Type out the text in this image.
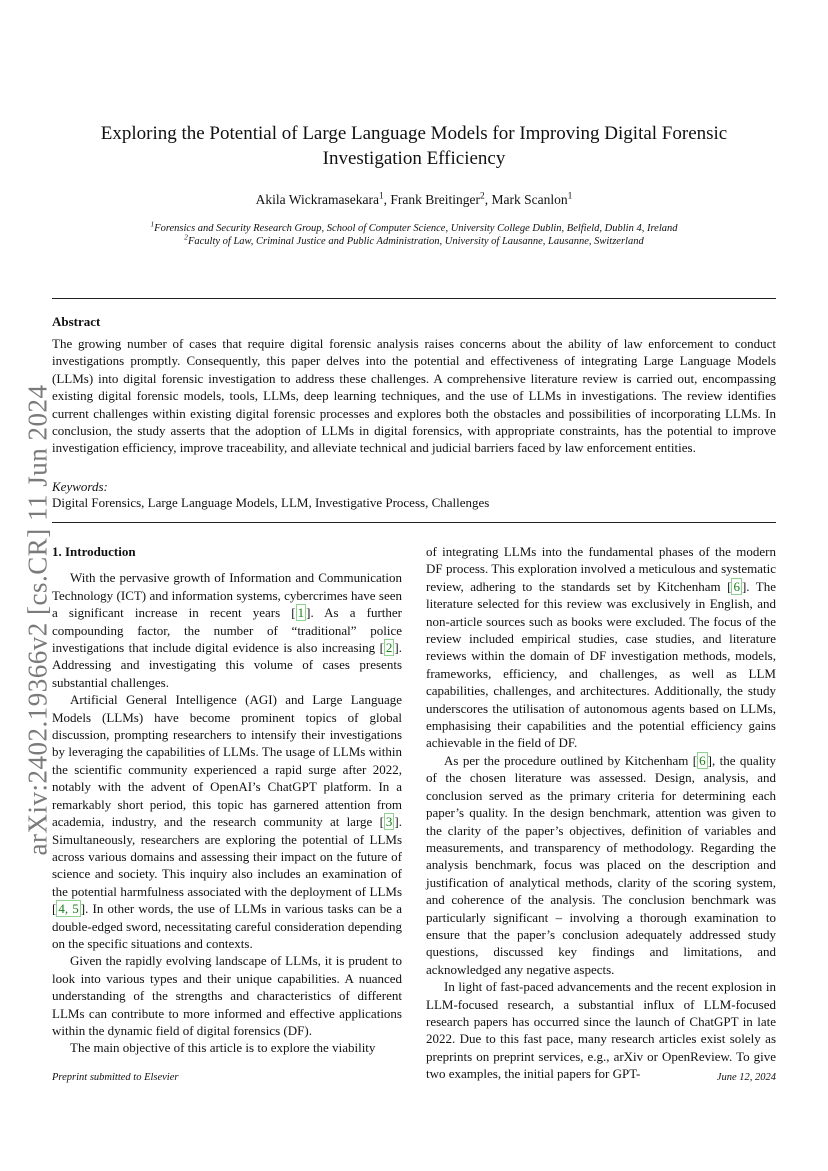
arXiv:2402.19366v2 [cs.CR] 11 Jun 2024
Exploring the Potential of Large Language Models for Improving Digital Forensic Investigation Efficiency
Akila Wickramasekara$^1$, Frank Breitinger$^2$, Mark Scanlon$^1$
$^1$Forensics and Security Research Group, School of Computer Science, University College Dublin, Belfield, Dublin 4, Ireland
$^2$Faculty of Law, Criminal Justice and Public Administration, University of Lausanne, Lausanne, Switzerland
Abstract
The growing number of cases that require digital forensic analysis raises concerns about the ability of law enforcement to conduct investigations promptly. Consequently, this paper delves into the potential and effectiveness of integrating Large Language Models (LLMs) into digital forensic investigation to address these challenges. A comprehensive literature review is carried out, encompassing existing digital forensic models, tools, LLMs, deep learning techniques, and the use of LLMs in investigations. The review identifies current challenges within existing digital forensic processes and explores both the obstacles and possibilities of incorporating LLMs. In conclusion, the study asserts that the adoption of LLMs in digital forensics, with appropriate constraints, has the potential to improve investigation efficiency, improve traceability, and alleviate technical and judicial barriers faced by law enforcement entities.
Keywords:
Digital Forensics, Large Language Models, LLM, Investigative Process, Challenges
1. Introduction

With the pervasive growth of Information and Communication Technology (ICT) and information systems, cybercrimes have seen a significant increase in recent years [ 1 ]. As a further compounding factor, the number of “traditional” police investigations that include digital evidence is also increasing [ 2 ]. Addressing and investigating this volume of cases presents substantial challenges.

Artificial General Intelligence (AGI) and Large Language Models (LLMs) have become prominent topics of global discussion, prompting researchers to intensify their investigations by leveraging the capabilities of LLMs. The usage of LLMs within the scientific community experienced a rapid surge after 2022, notably with the advent of OpenAI’s ChatGPT platform. In a remarkably short period, this topic has garnered attention from academia, industry, and the research community at large [ 3 ]. Simultaneously, researchers are exploring the potential of LLMs across various domains and assessing their impact on the future of science and society. This inquiry also includes an examination of the potential harmfulness associated with the deployment of LLMs [ 4, 5 ]. In other words, the use of LLMs in various tasks can be a double-edged sword, necessitating careful consideration depending on the specific situations and contexts.

Given the rapidly evolving landscape of LLMs, it is prudent to look into various types and their unique capabilities. A nuanced understanding of the strengths and characteristics of different LLMs can contribute to more informed and effective applications within the dynamic field of digital forensics (DF).

The main objective of this article is to explore the viability

of integrating LLMs into the fundamental phases of the modern DF process. This exploration involved a meticulous and systematic review, adhering to the standards set by Kitchenham [ 6 ]. The literature selected for this review was exclusively in English, and non-article sources such as books were excluded. The focus of the review included empirical studies, case studies, and literature reviews within the domain of DF investigation methods, models, frameworks, efficiency, and challenges, as well as LLM capabilities, challenges, and architectures. Additionally, the study underscores the utilisation of autonomous agents based on LLMs, emphasising their capabilities and the potential efficiency gains achievable in the field of DF.

As per the procedure outlined by Kitchenham [ 6 ], the quality of the chosen literature was assessed. Design, analysis, and conclusion served as the primary criteria for determining each paper’s quality. In the design benchmark, attention was given to the clarity of the paper’s objectives, definition of variables and measurements, and transparency of methodology. Regarding the analysis benchmark, focus was placed on the description and justification of analytical methods, clarity of the scoring system, and coherence of the analysis. The conclusion benchmark was particularly significant – involving a thorough examination to ensure that the paper’s conclusion adequately addressed study questions, discussed key findings and limitations, and acknowledged any negative aspects.

In light of fast-paced advancements and the recent explosion in LLM-focused research, a substantial influx of LLM-focused research papers has occurred since the launch of ChatGPT in late 2022. Due to this fast pace, many research articles exist solely as preprints on preprint services, e.g., arXiv or OpenReview. To give two examples, the initial papers for GPT-

Preprint submitted to Elsevier	June 12, 2024
